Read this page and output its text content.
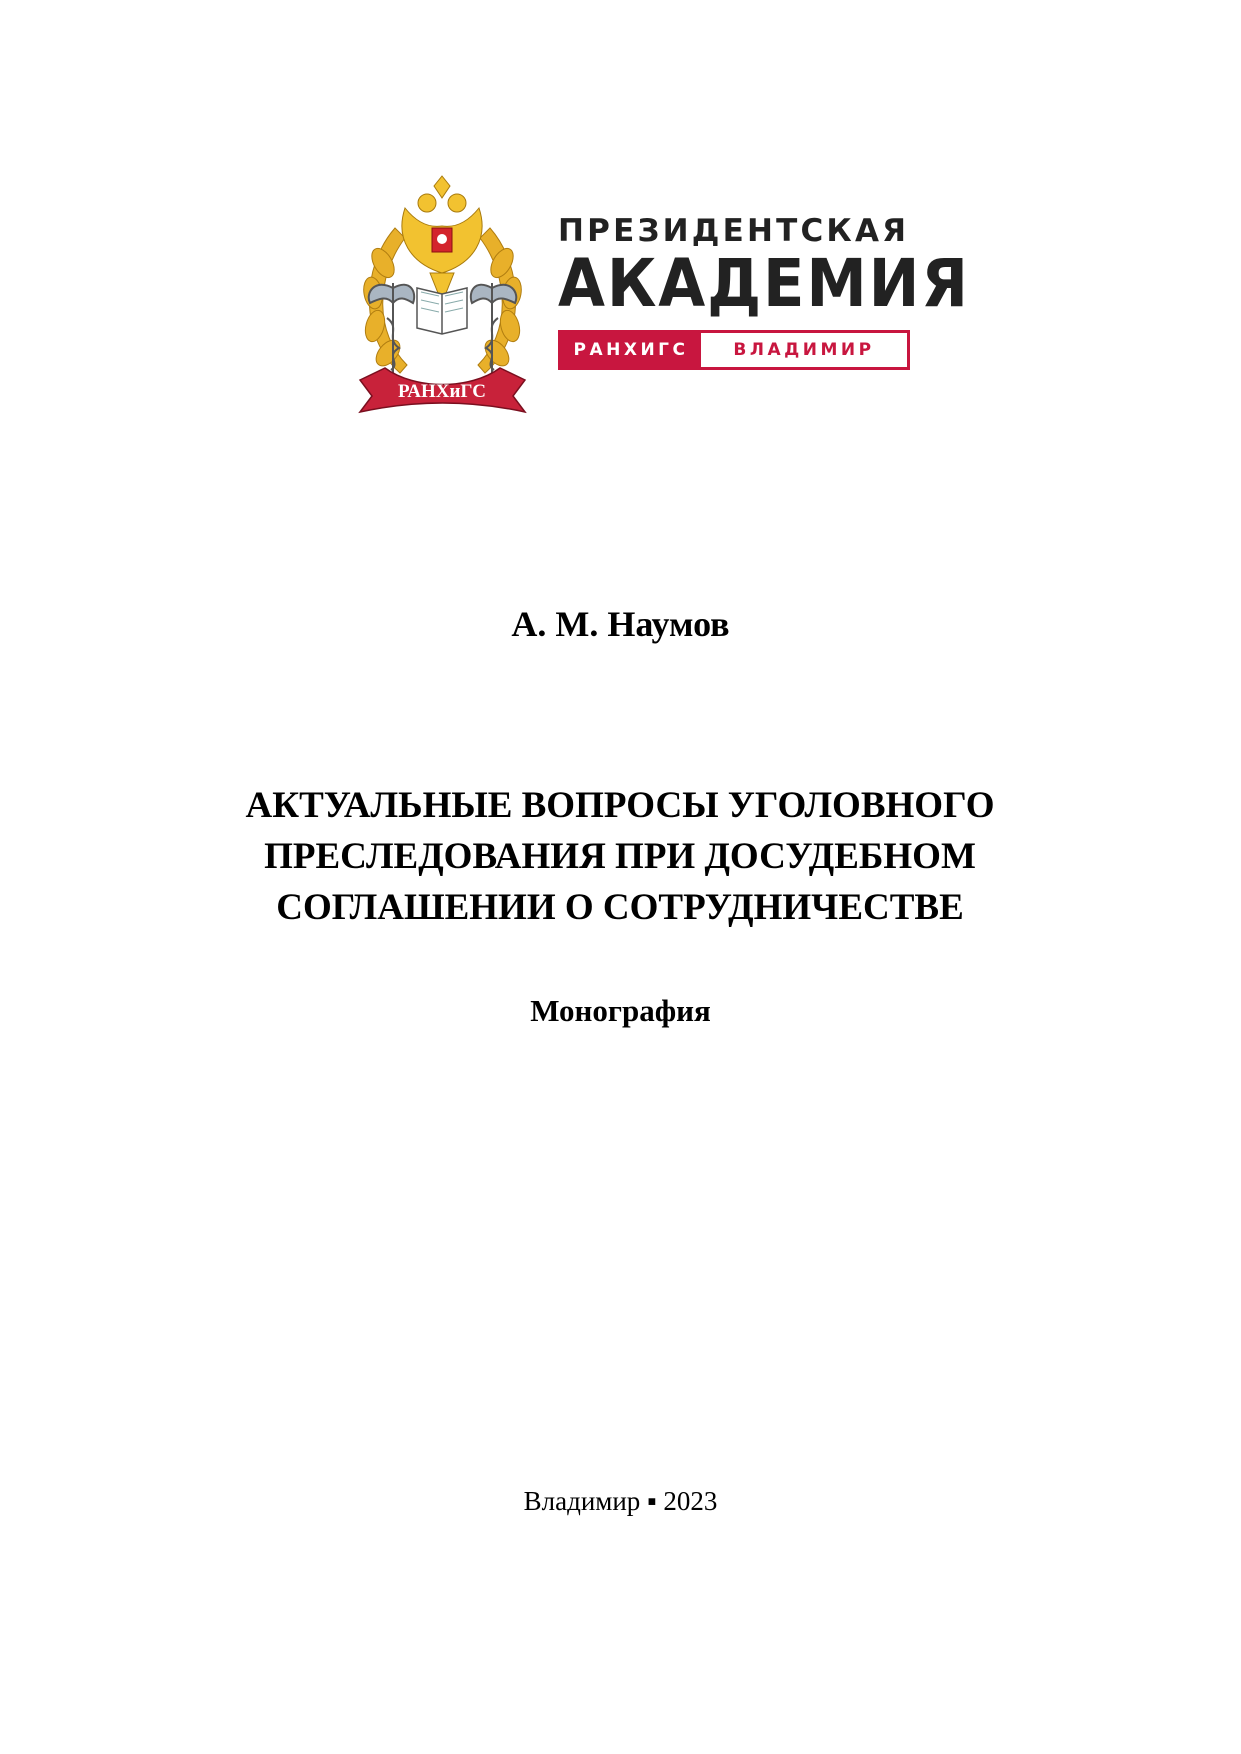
РАНХиГС
ПРЕЗИДЕНТСКАЯ
АКАДЕМИЯ
РАНХИГС	ВЛАДИМИР
А. М. Наумов
АКТУАЛЬНЫЕ ВОПРОСЫ УГОЛОВНОГО
ПРЕСЛЕДОВАНИЯ ПРИ ДОСУДЕБНОМ
СОГЛАШЕНИИ О СОТРУДНИЧЕСТВЕ
Монография
Владимир ▪ 2023
